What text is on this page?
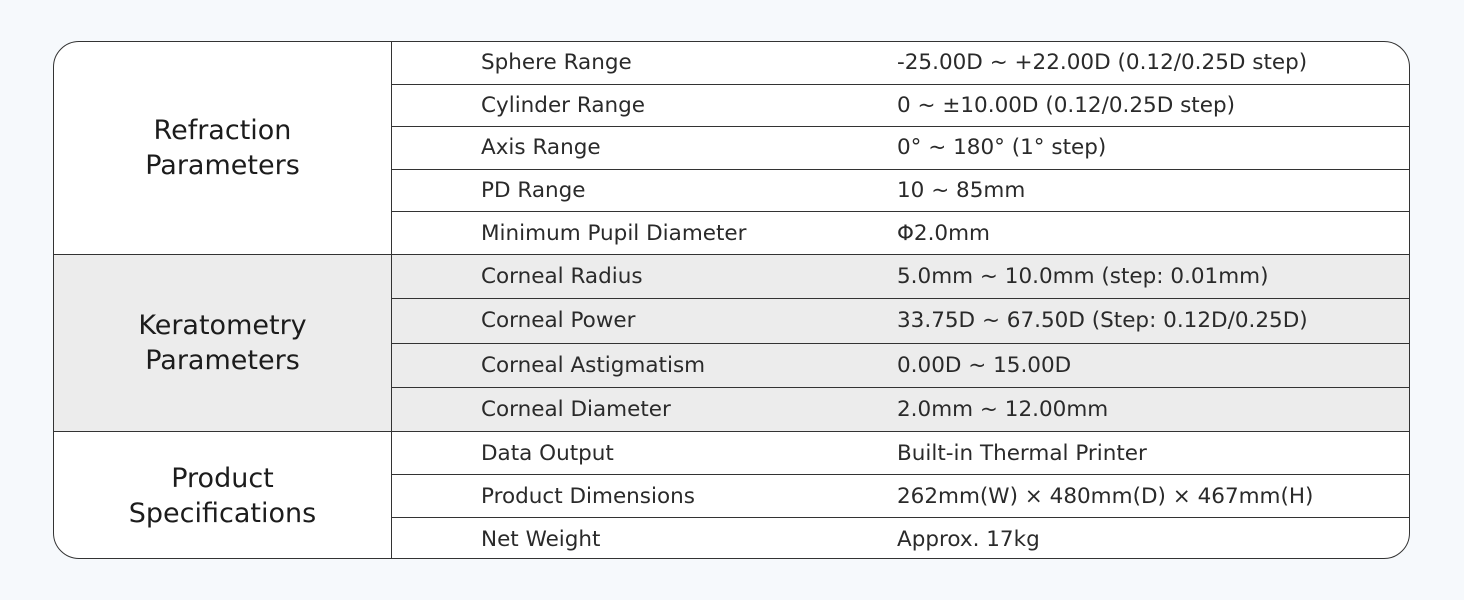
Refraction
Parameters
Sphere Range	-25.00D ~ +22.00D (0.12/0.25D step)
Cylinder Range	0 ~ ±10.00D (0.12/0.25D step)
Axis Range	0° ~ 180° (1° step)
PD Range	10 ~ 85mm
Minimum Pupil Diameter	Φ2.0mm
Keratometry
Parameters
Corneal Radius	5.0mm ~ 10.0mm (step: 0.01mm)
Corneal Power	33.75D ~ 67.50D (Step: 0.12D/0.25D)
Corneal Astigmatism	0.00D ~ 15.00D
Corneal Diameter	2.0mm ~ 12.00mm
Product
Specifications
Data Output	Built-in Thermal Printer
Product Dimensions	262mm(W) × 480mm(D) × 467mm(H)
Net Weight	Approx. 17kg
